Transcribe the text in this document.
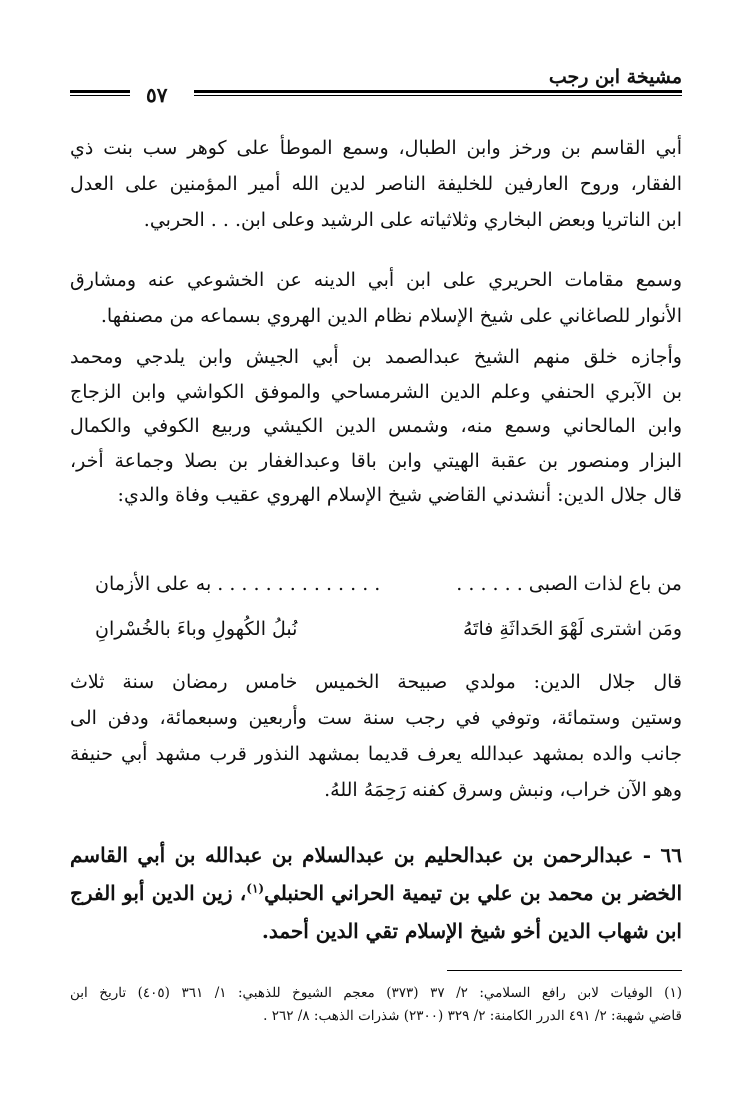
مشيخة ابن رجب
٥٧
أبي القاسم بن ورخز وابن الطبال، وسمع الموطأ على كوهر سب بنت ذي
الفقار، وروح العارفين للخليفة الناصر لدين الله أمير المؤمنين على العدل
ابن الناتريا وبعض البخاري وثلاثياته على الرشيد وعلى ابن. . . الحربي.
وسمع مقامات الحريري على ابن أبي الدينه عن الخشوعي عنه ومشارق
الأنوار للصاغاني على شيخ الإسلام نظام الدين الهروي بسماعه من مصنفها.
وأجازه خلق منهم الشيخ عبدالصمد بن أبي الجيش وابن يلدجي ومحمد
بن الآبري الحنفي وعلم الدين الشرمساحي والموفق الكواشي وابن الزجاج
وابن المالحاني وسمع منه، وشمس الدين الكيشي وربيع الكوفي والكمال
البزار ومنصور بن عقبة الهيتي وابن باقا وعبدالغفار بن بصلا وجماعة أخر،
قال جلال الدين: أنشدني القاضي شيخ الإسلام الهروي عقيب وفاة والدي:
من باع لذات الصبى . . . . . .
. . . . . . . . . . . . . . به على الأزمان
ومَن اشترى لَهْوَ الحَداثَةِ فاتَهُ
نُبلُ الكُهولِ وباءَ بالخُسْرانِ
قال جلال الدين: مولدي صبيحة الخميس خامس رمضان سنة ثلاث
وستين وستمائة، وتوفي في رجب سنة ست وأربعين وسبعمائة، ودفن الى
جانب والده بمشهد عبدالله يعرف قديما بمشهد النذور قرب مشهد أبي حنيفة
وهو الآن خراب، ونبش وسرق كفنه رَحِمَهُ اللهُ.
٦٦ - عبدالرحمن بن عبدالحليم بن عبدالسلام بن عبدالله بن أبي القاسم
الخضر بن محمد بن علي بن تيمية الحراني الحنبلي$^{(١)}$، زين الدين أبو الفرج
ابن شهاب الدين أخو شيخ الإسلام تقي الدين أحمد.
(١) الوفيات لابن رافع السلامي: ٢/ ٣٧ (٣٧٣) معجم الشيوخ للذهبي: ١/ ٣٦١ (٤٠٥) تاريخ ابن
قاضي شهبة: ٢/ ٤٩١ الدرر الكامنة: ٢/ ٣٢٩ (٢٣٠٠) شذرات الذهب: ٨/ ٢٦٢ .
